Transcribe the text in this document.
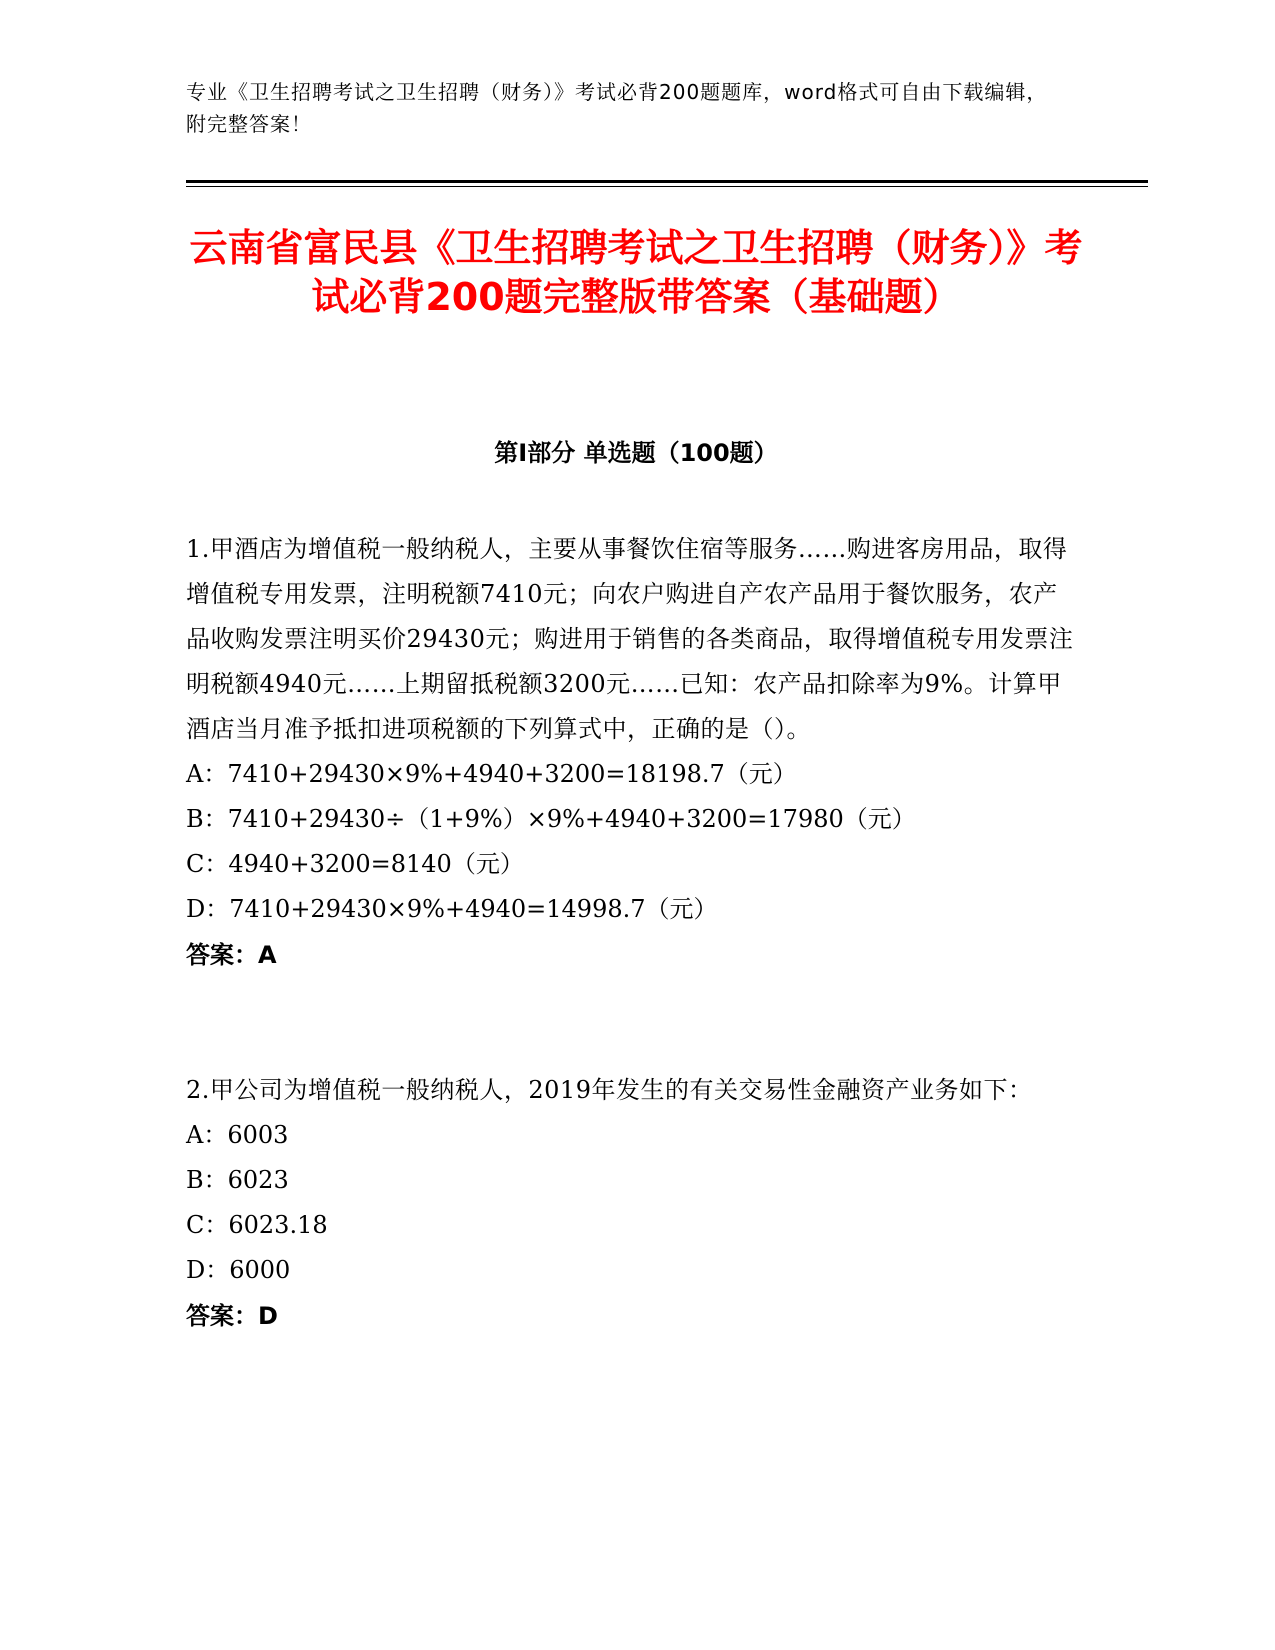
专业《卫生招聘考试之卫生招聘（财务）》考试必背200题题库，word格式可自由下载编辑，附完整答案！
云南省富民县《卫生招聘考试之卫生招聘（财务）》考试必背200题完整版带答案（基础题）
第I部分 单选题（100题）

1.甲酒店为增值税一般纳税人，主要从事餐饮住宿等服务……购进客房用品，取得增值税专用发票，注明税额7410元；向农户购进自产农产品用于餐饮服务，农产品收购发票注明买价29430元；购进用于销售的各类商品，取得增值税专用发票注明税额4940元……上期留抵税额3200元……已知：农产品扣除率为9%。计算甲酒店当月准予抵扣进项税额的下列算式中，正确的是（）。

A：7410+29430×9%+4940+3200=18198.7（元）

B：7410+29430÷（1+9%）×9%+4940+3200=17980（元）

C：4940+3200=8140（元）

D：7410+29430×9%+4940=14998.7（元）

答案：A

2.甲公司为增值税一般纳税人，2019年发生的有关交易性金融资产业务如下：

A：6003

B：6023

C：6023.18

D：6000

答案：D
